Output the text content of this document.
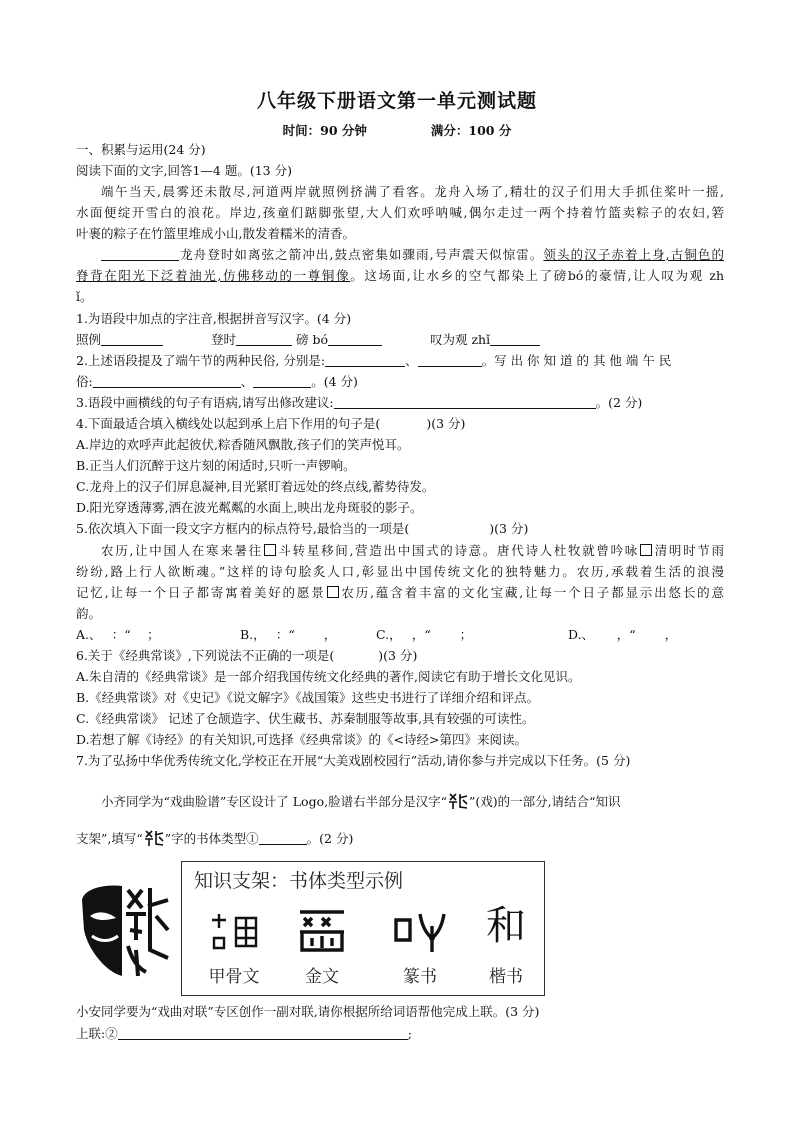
八年级下册语文第一单元测试题
时间：90 分钟	满分：100 分
一、积累与运用(24 分)
阅读下面的文字,回答1—4 题。(13 分)
端午当天,晨雾还未散尽,河道两岸就照例挤满了看客。龙舟入场了,精壮的汉子们用大手抓住桨叶一摇,
水面便绽开雪白的浪花。岸边,孩童们踮脚张望,大人们欢呼呐喊,偶尔走过一两个持着竹篮卖粽子的农妇,箬
叶裹的粽子在竹篮里堆成小山,散发着糯米的清香。
龙舟登时如离弦之箭冲出,鼓点密集如骤雨,号声震天似惊雷。领头的汉子赤着上身,古铜色的
脊背在阳光下泛着油光,仿佛移动的一尊铜像。这场面,让水乡的空气都染上了磅bó的豪情,让人叹为观 zh
ǐ。
1.为语段中加点的字注音,根据拼音写汉字。(4 分)
照例	登时	磅 bó	叹为观 zhǐ
2.上述语段提及了端午节的两种民俗, 分别是:	、	。写 出 你 知 道 的 其 他 端 午 民
俗:	、	。(4 分)
3.语段中画横线的句子有语病,请写出修改建议:	。(2 分)
4.下面最适合填入横线处以起到承上启下作用的句子是(	)(3 分)
A.岸边的欢呼声此起彼伏,粽香随风飘散,孩子们的笑声悦耳。
B.正当人们沉醉于这片刻的闲适时,只听一声锣响。
C.龙舟上的汉子们屏息凝神,目光紧盯着远处的终点线,蓄势待发。
D.阳光穿透薄雾,洒在波光粼粼的水面上,映出龙舟斑驳的影子。
5.依次填入下面一段文字方框内的标点符号,最恰当的一项是(	)(3 分)
农历,让中国人在寒来暑往 斗转星移间,营造出中国式的诗意。唐代诗人杜牧就曾吟咏 清明时节雨
纷纷,路上行人欲断魂。”这样的诗句脍炙人口,彰显出中国传统文化的独特魅力。农历,承载着生活的浪漫
记忆,让每一个日子都寄寓着美好的愿景 农历,蕴含着丰富的文化宝藏,让每一个日子都显示出悠长的意
韵。
A.、　 ：“　 ；	B.，　 ：“　　 ，	C.，　 ，“　　 ；	D.、　　 ，“　　 ，
6.关于《经典常谈》,下列说法不正确的一项是(	)(3 分)
A.朱自清的《经典常谈》是一部介绍我国传统文化经典的著作,阅读它有助于增长文化见识。
B.《经典常谈》对《史记》《说文解字》《战国策》这些史书进行了详细介绍和评点。
C.《经典常谈》 记述了仓颉造字、伏生藏书、苏秦制服等故事,具有较强的可读性。
D.若想了解《诗经》的有关知识,可选择《经典常谈》的《<诗经>第四》来阅读。
7.为了弘扬中华优秀传统文化,学校正在开展“大美戏剧校园行”活动,请你参与并完成以下任务。(5 分)
小齐同学为“戏曲脸谱”专区设计了 Logo,脸谱右半部分是汉字“ ”(戏)的一部分,请结合“知识
支架”,填写“ ”字的书体类型①	。(2 分)
知识支架：书体类型示例
和
甲骨文	金文	篆书	楷书
小安同学要为“戏曲对联”专区创作一副对联,请你根据所给词语帮他完成上联。(3 分)
上联:②	;
